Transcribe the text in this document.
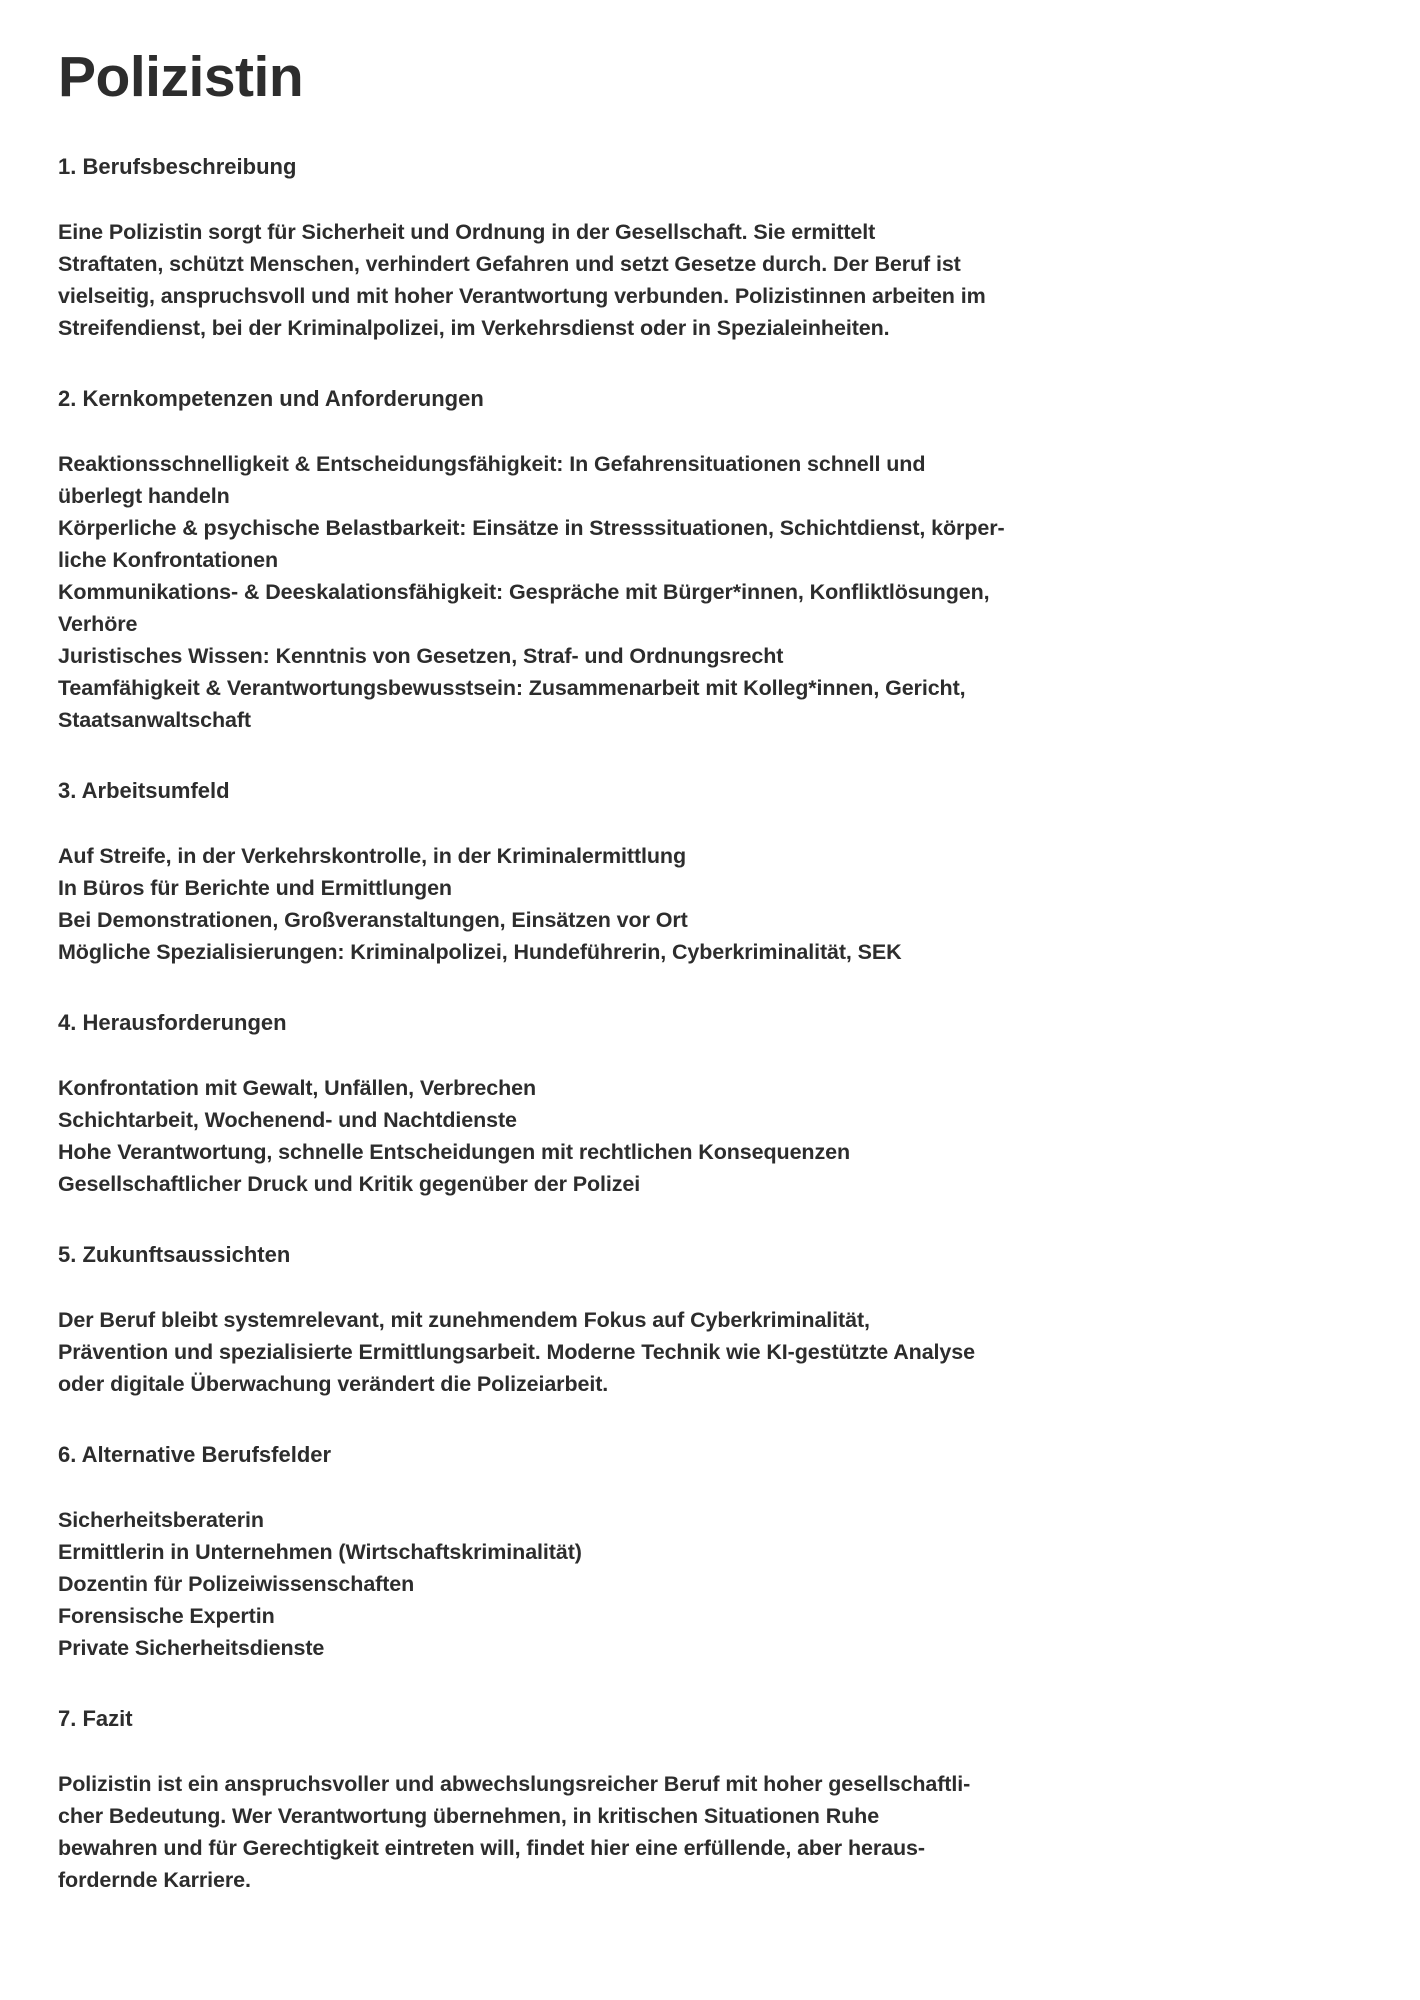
Polizistin
1. Berufsbeschreibung
Eine Polizistin sorgt für Sicherheit und Ordnung in der Gesellschaft. Sie ermittelt
Straftaten, schützt Menschen, verhindert Gefahren und setzt Gesetze durch. Der Beruf ist
vielseitig, anspruchsvoll und mit hoher Verantwortung verbunden. Polizistinnen arbeiten im
Streifendienst, bei der Kriminalpolizei, im Verkehrsdienst oder in Spezialeinheiten.
2. Kernkompetenzen und Anforderungen
Reaktionsschnelligkeit & Entscheidungsfähigkeit: In Gefahrensituationen schnell und
überlegt handeln
Körperliche & psychische Belastbarkeit: Einsätze in Stresssituationen, Schichtdienst, körper-
liche Konfrontationen
Kommunikations- & Deeskalationsfähigkeit: Gespräche mit Bürger*innen, Konfliktlösungen,
Verhöre
Juristisches Wissen: Kenntnis von Gesetzen, Straf- und Ordnungsrecht
Teamfähigkeit & Verantwortungsbewusstsein: Zusammenarbeit mit Kolleg*innen, Gericht,
Staatsanwaltschaft
3. Arbeitsumfeld
Auf Streife, in der Verkehrskontrolle, in der Kriminalermittlung
In Büros für Berichte und Ermittlungen
Bei Demonstrationen, Großveranstaltungen, Einsätzen vor Ort
Mögliche Spezialisierungen: Kriminalpolizei, Hundeführerin, Cyberkriminalität, SEK
4. Herausforderungen
Konfrontation mit Gewalt, Unfällen, Verbrechen
Schichtarbeit, Wochenend- und Nachtdienste
Hohe Verantwortung, schnelle Entscheidungen mit rechtlichen Konsequenzen
Gesellschaftlicher Druck und Kritik gegenüber der Polizei
5. Zukunftsaussichten
Der Beruf bleibt systemrelevant, mit zunehmendem Fokus auf Cyberkriminalität,
Prävention und spezialisierte Ermittlungsarbeit. Moderne Technik wie KI-gestützte Analyse
oder digitale Überwachung verändert die Polizeiarbeit.
6. Alternative Berufsfelder
Sicherheitsberaterin
Ermittlerin in Unternehmen (Wirtschaftskriminalität)
Dozentin für Polizeiwissenschaften
Forensische Expertin
Private Sicherheitsdienste
7. Fazit
Polizistin ist ein anspruchsvoller und abwechslungsreicher Beruf mit hoher gesellschaftli-
cher Bedeutung. Wer Verantwortung übernehmen, in kritischen Situationen Ruhe
bewahren und für Gerechtigkeit eintreten will, findet hier eine erfüllende, aber heraus-
fordernde Karriere.
